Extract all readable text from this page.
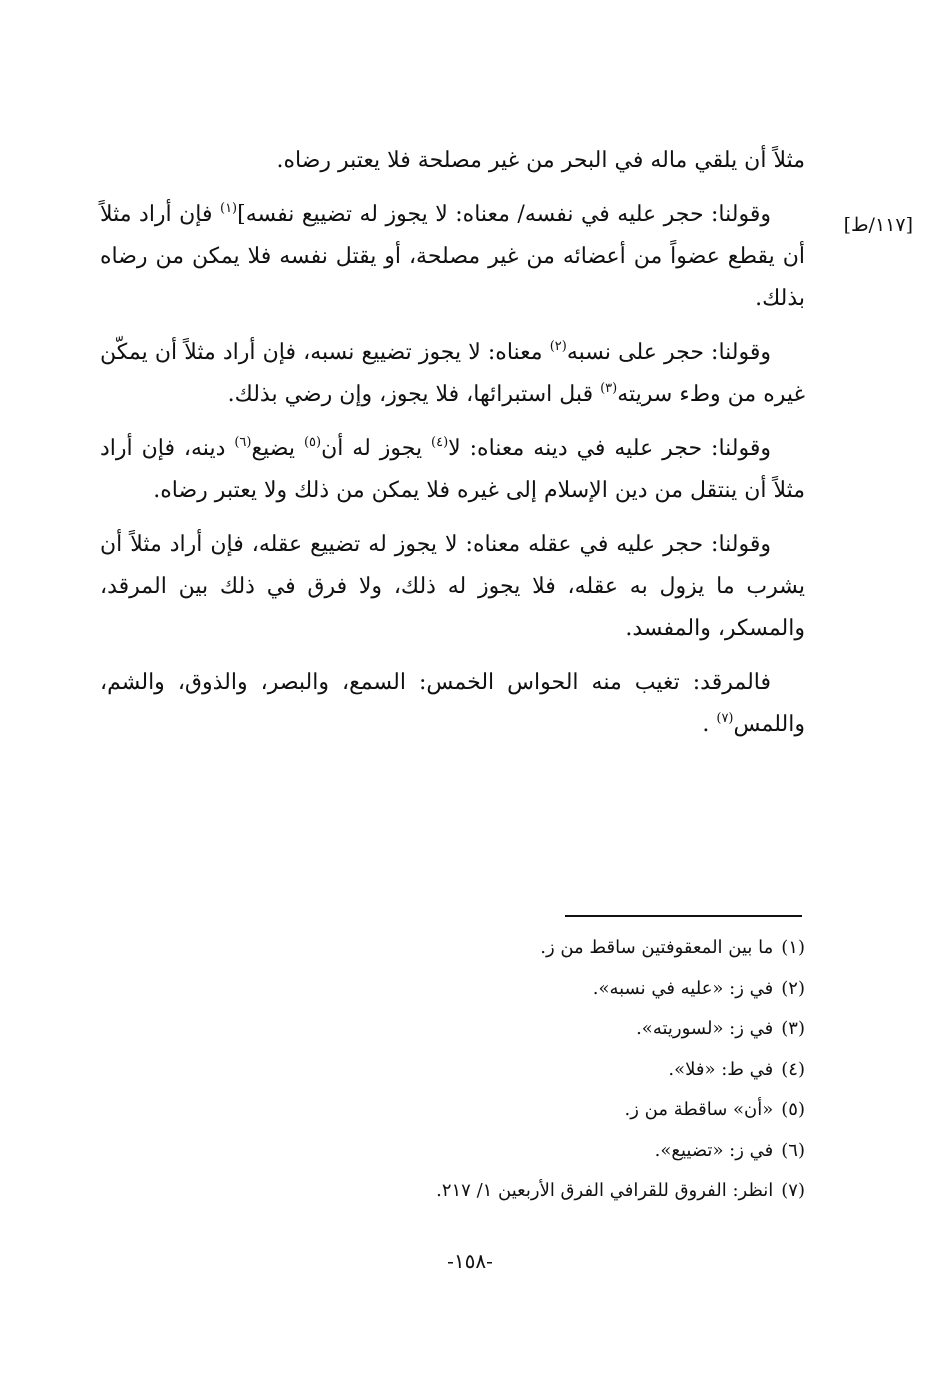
[١١٧/ط]

مثلاً أن يلقي ماله في البحر من غير مصلحة فلا يعتبر رضاه.

وقولنا: حجر عليه في نفسه/ معناه: لا يجوز له تضييع نفسه]$^{(١)}$ فإن أراد مثلاً أن يقطع عضواً من أعضائه من غير مصلحة، أو يقتل نفسه فلا يمكن من رضاه بذلك.

وقولنا: حجر على نسبه$^{(٢)}$ معناه: لا يجوز تضييع نسبه، فإن أراد مثلاً أن يمكّن غيره من وطء سريته$^{(٣)}$ قبل استبرائها، فلا يجوز، وإن رضي بذلك.

وقولنا: حجر عليه في دينه معناه: لا$^{(٤)}$ يجوز له أن$^{(٥)}$ يضيع$^{(٦)}$ دينه، فإن أراد مثلاً أن ينتقل من دين الإسلام إلى غيره فلا يمكن من ذلك ولا يعتبر رضاه.

وقولنا: حجر عليه في عقله معناه: لا يجوز له تضييع عقله، فإن أراد مثلاً أن يشرب ما يزول به عقله، فلا يجوز له ذلك، ولا فرق في ذلك بين المرقد، والمسكر، والمفسد.

فالمرقد: تغيب منه الحواس الخمس: السمع، والبصر، والذوق، والشم، واللمس$^{(٧)}$ .

(١)ما بين المعقوفتين ساقط من ز.
(٢)في ز: «عليه في نسبه».
(٣)في ز: «لسوريته».
(٤)في ط: «فلا».
(٥)«أن» ساقطة من ز.
(٦)في ز: «تضييع».
(٧)انظر: الفروق للقرافي الفرق الأربعين ١/ ٢١٧.
-١٥٨-
